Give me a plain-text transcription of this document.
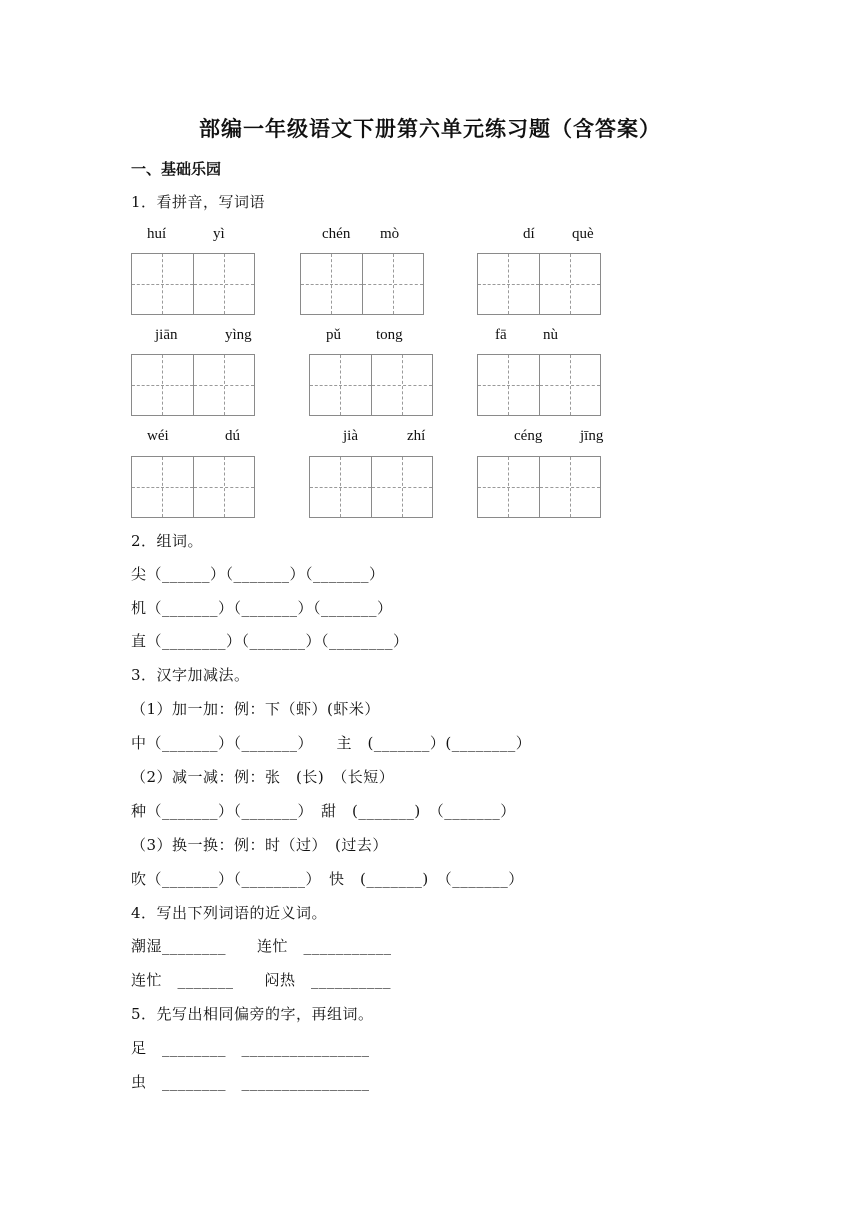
部编一年级语文下册第六单元练习题（含答案）
一、基础乐园
1．看拼音，写词语
huí	yì	chén mò	dí què
jiān	yìng	pǔ tong	fā nù
wéi	dú	jià	zhí	céng	jīng
2．组词。
尖（______）（_______）（_______）
机（_______）（_______）（_______）
直（________）（_______）（________）
3．汉字加减法。
（1）加一加：例：下（虾）(虾米）
中（_______）（_______）　　主　(_______）(________）
（2）减一减：例：张　(长)　（长短）
种（_______）（_______）　甜　(_______)　（_______）
（3）换一换：例：时（过）　(过去）
吹（_______）（________）　快　(_______)　（_______）
4．写出下列词语的近义词。
潮湿________　　连忙　___________
连忙　_______　　闷热　__________
5．先写出相同偏旁的字，再组词。
足　________　________________
虫　________　________________
